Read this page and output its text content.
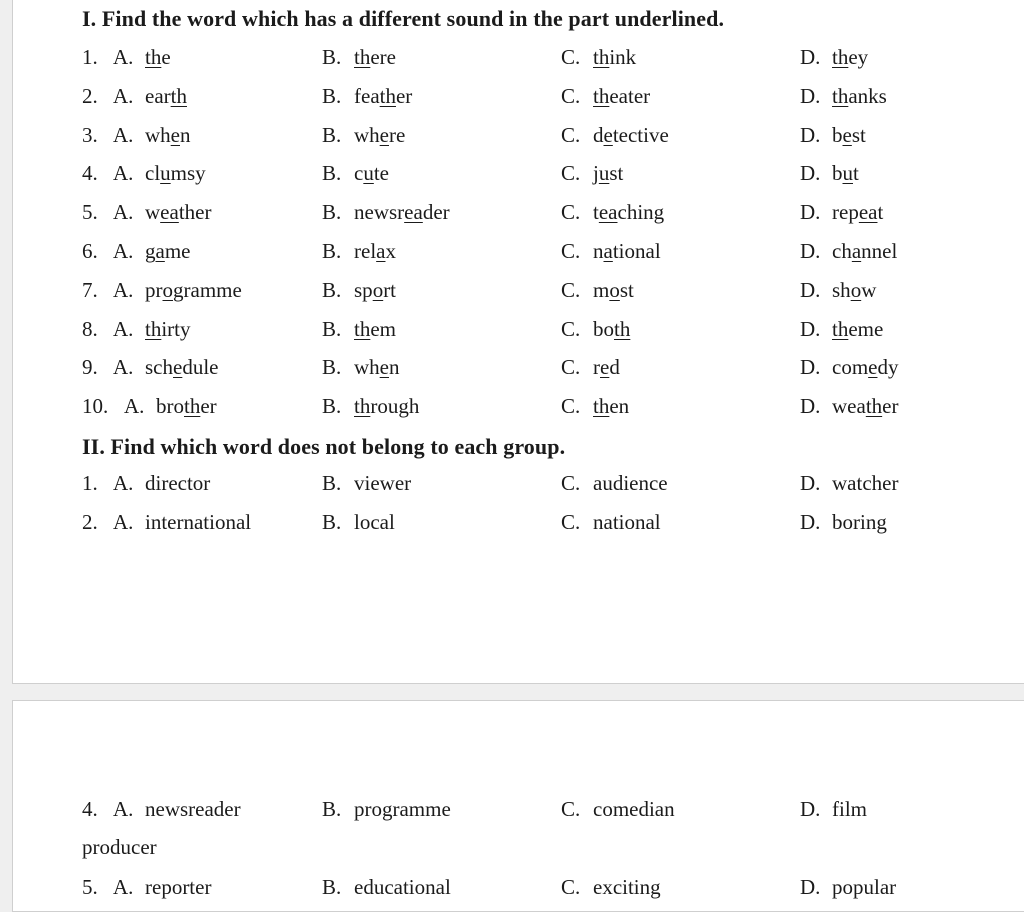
I. Find the word which has a different sound in the part underlined.
II. Find which word does not belong to each group.
1. A. the	B. there	C. think	D. they
2. A. earth	B. feather	C. theater	D. thanks
3. A. when	B. where	C. detective	D. best
4. A. clumsy	B. cute	C. just	D. but
5. A. weather	B. newsreader	C. teaching	D. repeat
6. A. game	B. relax	C. national	D. channel
7. A. programme	B. sport	C. most	D. show
8. A. thirty	B. them	C. both	D. theme
9. A. schedule	B. when	C. red	D. comedy
10. A. brother	B. through	C. then	D. weather
1. A. director	B. viewer	C. audience	D. watcher
2. A. international	B. local	C. national	D. boring
4. A. newsreader	B. programme	C. comedian	D. film
producer
5. A. reporter	B. educational	C. exciting	D. popular
